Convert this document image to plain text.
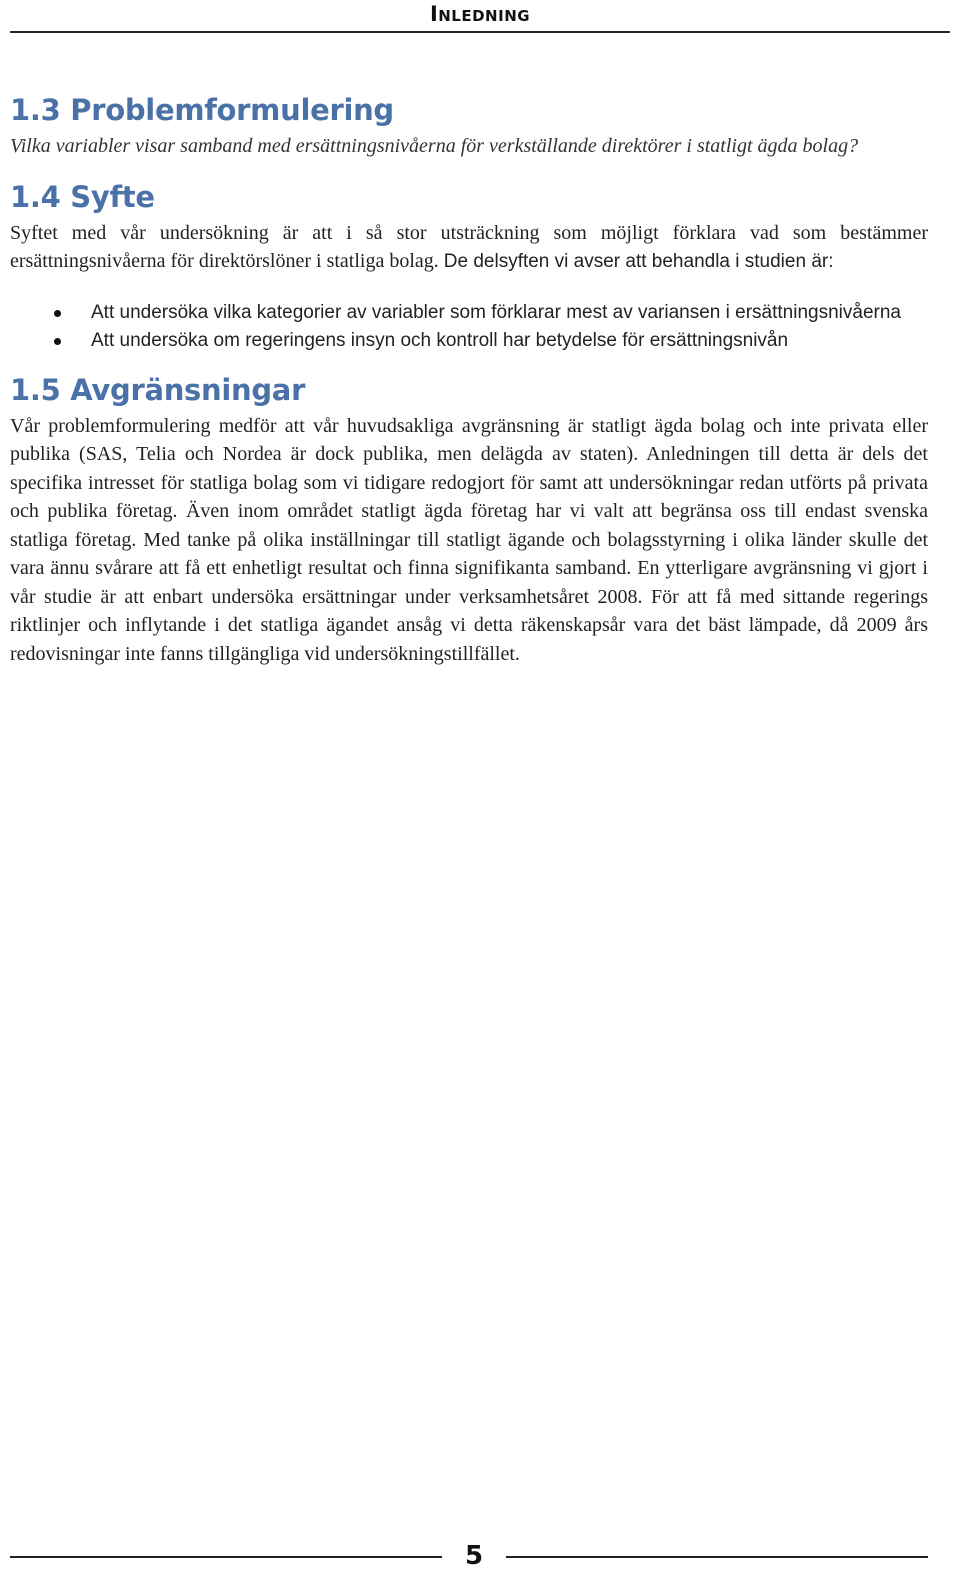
Inledning
1.3 Problemformulering

Vilka variabler visar samband med ersättningsnivåerna för verkställande direktörer i statligt ägda bolag?

1.4 Syfte

Syftet med vår undersökning är att i så stor utsträckning som möjligt förklara vad som bestämmer ersättningsnivåerna för direktörslöner i statliga bolag. De delsyften vi avser att behandla i studien är:

Att undersöka vilka kategorier av variabler som förklarar mest av variansen i ersättningsnivåerna
Att undersöka om regeringens insyn och kontroll har betydelse för ersättningsnivån
1.5 Avgränsningar

Vår problemformulering medför att vår huvudsakliga avgränsning är statligt ägda bolag och inte privata eller publika (SAS, Telia och Nordea är dock publika, men delägda av staten). Anledningen till detta är dels det specifika intresset för statliga bolag som vi tidigare redogjort för samt att undersökningar redan utförts på privata och publika företag. Även inom området statligt ägda företag har vi valt att begränsa oss till endast svenska statliga företag. Med tanke på olika inställningar till statligt ägande och bolagsstyrning i olika länder skulle det vara ännu svårare att få ett enhetligt resultat och finna signifikanta samband. En ytterligare avgränsning vi gjort i vår studie är att enbart undersöka ersättningar under verksamhetsåret 2008. För att få med sittande regerings riktlinjer och inflytande i det statliga ägandet ansåg vi detta räkenskapsår vara det bäst lämpade, då 2009 års redovisningar inte fanns tillgängliga vid undersökningstillfället.

5
